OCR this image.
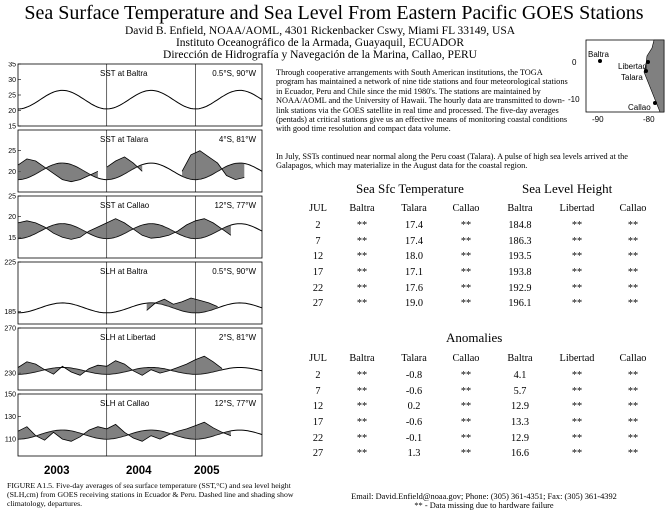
Sea Surface Temperature and Sea Level From Eastern Pacific GOES Stations
David B. Enfield, NOAA/AOML, 4301 Rickenbacker Cswy, Miami FL 33149, USA
Instituto Oceanográfico de la Armada, Guayaquil, ECUADOR
Dirección de Hidrografía y Navegación de la Marina, Callao, PERU
35
30
25
20
15
SST at Baltra	0.5°S, 90°W
25
20
SST at Talara	4°S, 81°W
25
20
15
SST at Callao	12°S, 77°W
225
185
SLH at Baltra	0.5°S, 90°W
270
230
SLH at Libertad	2°S, 81°W
150
130
110
SLH at Callao	12°S, 77°W
2003	2004	2005
Baltra
Libertad
Talara
Callao
0
-10
-90	-80
Through cooperative arrangements with South American institutions, the TOGA program has maintained a network of nine tide stations and four meteorological stations in Ecuador, Peru and Chile since the mid 1980's. The stations are maintained by NOAA/AOML and the University of Hawaii. The hourly data are transmitted to down-link stations via the GOES satellite in real time and processed. The five-day averages (pentads) at critical stations give us an effective means of monitoring coastal conditions with good time resolution and compact data volume.
In July, SSTs continued near normal along the Peru coast (Talara). A pulse of high sea levels arrived at the Galapagos, which may materialize in the August data for the coastal region.
Sea Sfc Temperature	Sea Level Height
JUL	Baltra	Talara	Callao	Baltra	Libertad	Callao
2	**	17.4	**	184.8	**	**
7	**	17.4	**	186.3	**	**
12	**	18.0	**	193.5	**	**
17	**	17.1	**	193.8	**	**
22	**	17.6	**	192.9	**	**
27	**	19.0	**	196.1	**	**
Anomalies
JUL	Baltra	Talara	Callao	Baltra	Libertad	Callao
2	**	-0.8	**	4.1	**	**
7	**	-0.6	**	5.7	**	**
12	**	0.2	**	12.9	**	**
17	**	-0.6	**	13.3	**	**
22	**	-0.1	**	12.9	**	**
27	**	1.3	**	16.6	**	**
FIGURE A1.5. Five-day averages of sea surface temperature (SST,°C) and sea level height (SLH,cm) from GOES receiving stations in Ecuador & Peru. Dashed line and shading show climatology, departures.
Email: David.Enfield@noaa.gov; Phone: (305) 361-4351; Fax: (305) 361-4392
** - Data missing due to hardware failure
